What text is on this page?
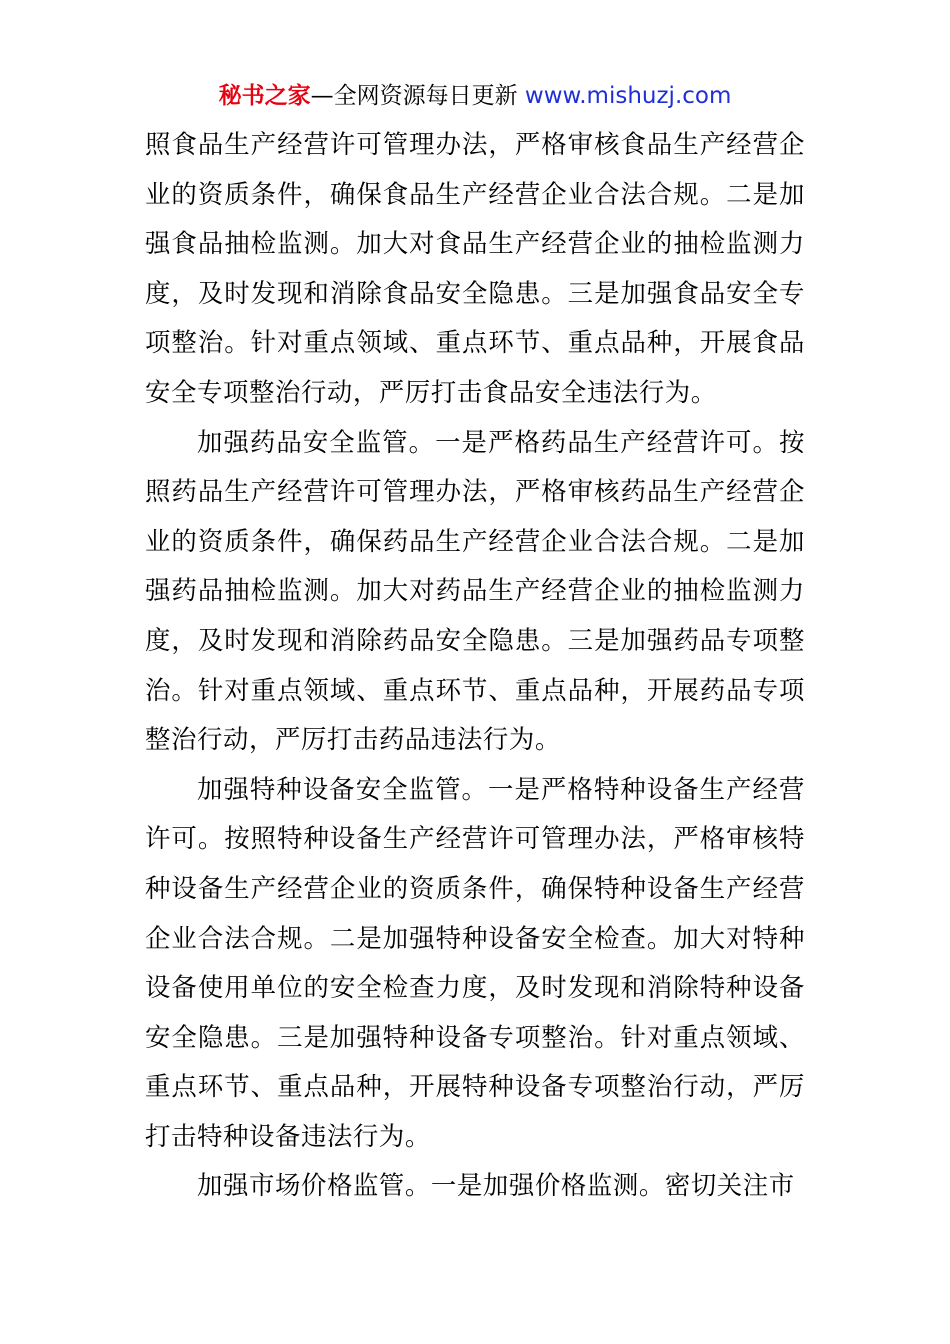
秘书之家—全网资源每日更新 www.mishuzj.com

照食品生产经营许可管理办法，严格审核食品生产经营企业的资质条件，确保食品生产经营企业合法合规。二是加强食品抽检监测。加大对食品生产经营企业的抽检监测力度，及时发现和消除食品安全隐患。三是加强食品安全专项整治。针对重点领域、重点环节、重点品种，开展食品安全专项整治行动，严厉打击食品安全违法行为。

加强药品安全监管。一是严格药品生产经营许可。按照药品生产经营许可管理办法，严格审核药品生产经营企业的资质条件，确保药品生产经营企业合法合规。二是加强药品抽检监测。加大对药品生产经营企业的抽检监测力度，及时发现和消除药品安全隐患。三是加强药品专项整治。针对重点领域、重点环节、重点品种，开展药品专项整治行动，严厉打击药品违法行为。

加强特种设备安全监管。一是严格特种设备生产经营许可。按照特种设备生产经营许可管理办法，严格审核特种设备生产经营企业的资质条件，确保特种设备生产经营企业合法合规。二是加强特种设备安全检查。加大对特种设备使用单位的安全检查力度，及时发现和消除特种设备安全隐患。三是加强特种设备专项整治。针对重点领域、重点环节、重点品种，开展特种设备专项整治行动，严厉打击特种设备违法行为。

加强市场价格监管。一是加强价格监测。密切关注市
